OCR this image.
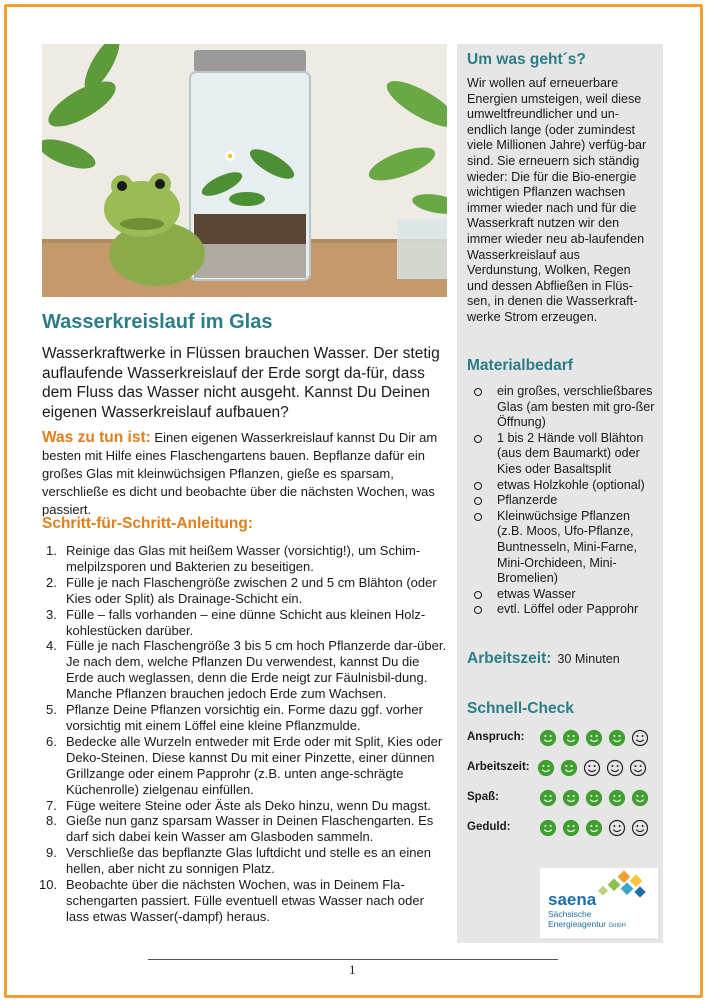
Wasserkreislauf im Glas

Wasserkraftwerke in Flüssen brauchen Wasser. Der stetig auflaufende Wasserkreislauf der Erde sorgt da-für, dass dem Fluss das Wasser nicht ausgeht. Kannst Du Deinen eigenen Wasserkreislauf aufbauen?

Was zu tun ist: Einen eigenen Wasserkreislauf kannst Du Dir am besten mit Hilfe eines Flaschengartens bauen. Bepflanze dafür ein großes Glas mit kleinwüchsigen Pflanzen, gieße es sparsam, verschließe es dicht und beobachte über die nächsten Wochen, was passiert.

Schritt-für-Schritt-Anleitung:
1. Reinige das Glas mit heißem Wasser (vorsichtig!), um Schim-melpilzsporen und Bakterien zu beseitigen.
2. Fülle je nach Flaschengröße zwischen 2 und 5 cm Blähton (oder Kies oder Split) als Drainage-Schicht ein.
3. Fülle – falls vorhanden – eine dünne Schicht aus kleinen Holz-kohlestücken darüber.
4. Fülle je nach Flaschengröße 3 bis 5 cm hoch Pflanzerde dar-über. Je nach dem, welche Pflanzen Du verwendest, kannst Du die Erde auch weglassen, denn die Erde neigt zur Fäulnisbil-dung. Manche Pflanzen brauchen jedoch Erde zum Wachsen.
5. Pflanze Deine Pflanzen vorsichtig ein. Forme dazu ggf. vorher vorsichtig mit einem Löffel eine kleine Pflanzmulde.
6. Bedecke alle Wurzeln entweder mit Erde oder mit Split, Kies oder Deko-Steinen. Diese kannst Du mit einer Pinzette, einer dünnen Grillzange oder einem Papprohr (z.B. unten ange-schrägte Küchenrolle) zielgenau einfüllen.
7. Füge weitere Steine oder Äste als Deko hinzu, wenn Du magst.
8. Gieße nun ganz sparsam Wasser in Deinen Flaschengarten. Es darf sich dabei kein Wasser am Glasboden sammeln.
9. Verschließe das bepflanzte Glas luftdicht und stelle es an einen hellen, aber nicht zu sonnigen Platz.
10. Beobachte über die nächsten Wochen, was in Deinem Fla-schengarten passiert. Fülle eventuell etwas Wasser nach oder lass etwas Wasser(-dampf) heraus.
Um was geht´s?

Wir wollen auf erneuerbare Energien umsteigen, weil diese umweltfreundlicher und un-endlich lange (oder zumindest viele Millionen Jahre) verfüg-bar sind. Sie erneuern sich ständig wieder: Die für die Bio-energie wichtigen Pflanzen wachsen immer wieder nach und für die Wasserkraft nutzen wir den immer wieder neu ab-laufenden Wasserkreislauf aus Verdunstung, Wolken, Regen und dessen Abfließen in Flüs-sen, in denen die Wasserkraft-werke Strom erzeugen.

Materialbedarf
ein großes, verschließbares Glas (am besten mit gro-ßer Öffnung)
1 bis 2 Hände voll Blähton (aus dem Baumarkt) oder Kies oder Basaltsplit
etwas Holzkohle (optional)
Pflanzerde
Kleinwüchsige Pflanzen (z.B. Moos, Ufo-Pflanze, Buntnesseln, Mini-Farne, Mini-Orchideen, Mini-Bromelien)
etwas Wasser
evtl. Löffel oder Papprohr

Arbeitszeit: 30 Minuten

Schnell-Check
Anspruch:
Arbeitszeit:
Spaß:
Geduld:
saena
Sächsische
Energieagentur GmbH
1
